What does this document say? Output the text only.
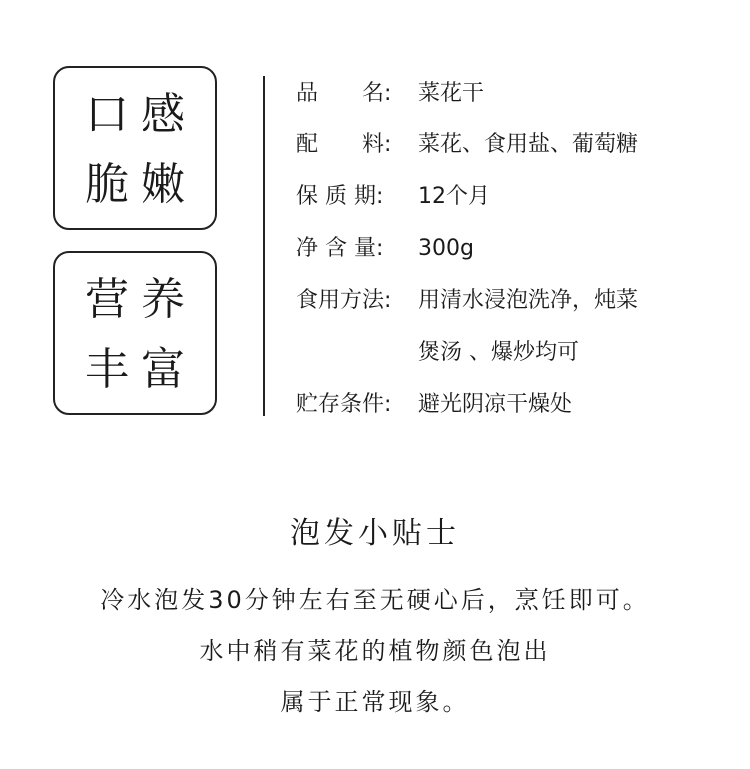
口感
脆嫩
营养
丰富
品　　名: 菜花干
配　　料: 菜花、食用盐、葡萄糖
保 质 期: 12个月
净 含 量: 300g
食用方法: 用清水浸泡洗净，炖菜
煲汤 、爆炒均可
贮存条件: 避光阴凉干燥处
泡发小贴士
冷水泡发30分钟左右至无硬心后，烹饪即可。
水中稍有菜花的植物颜色泡出
属于正常现象。
